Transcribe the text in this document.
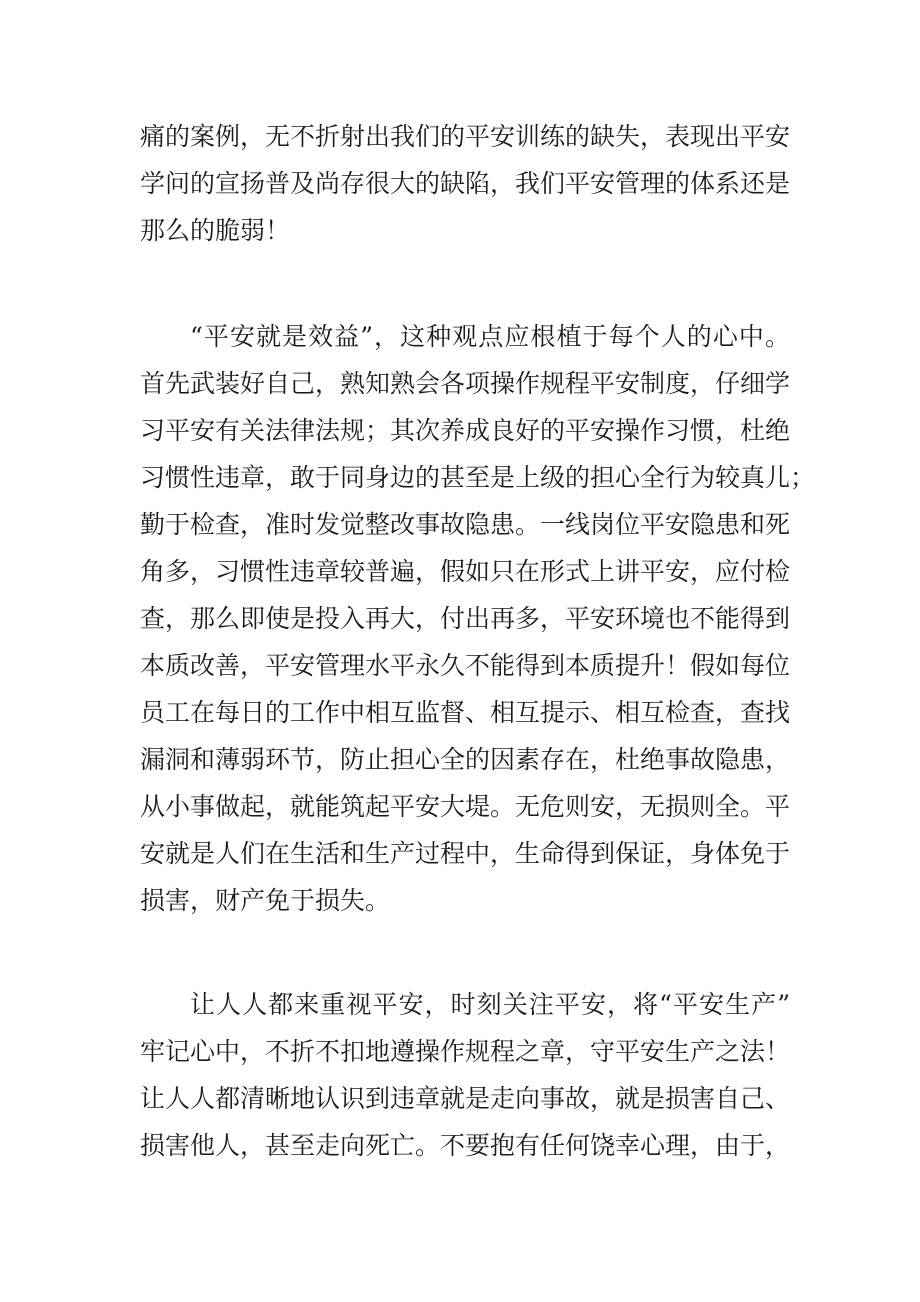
痛的案例，无不折射出我们的平安训练的缺失，表现出平安
学问的宣扬普及尚存很大的缺陷，我们平安管理的体系还是
那么的脆弱！
“平安就是效益”，这种观点应根植于每个人的心中。
首先武装好自己，熟知熟会各项操作规程平安制度，仔细学
习平安有关法律法规；其次养成良好的平安操作习惯，杜绝
习惯性违章，敢于同身边的甚至是上级的担心全行为较真儿；
勤于检查，准时发觉整改事故隐患。一线岗位平安隐患和死
角多，习惯性违章较普遍，假如只在形式上讲平安，应付检
查，那么即使是投入再大，付出再多，平安环境也不能得到
本质改善，平安管理水平永久不能得到本质提升！假如每位
员工在每日的工作中相互监督、相互提示、相互检查，查找
漏洞和薄弱环节，防止担心全的因素存在，杜绝事故隐患，
从小事做起，就能筑起平安大堤。无危则安，无损则全。平
安就是人们在生活和生产过程中，生命得到保证，身体免于
损害，财产免于损失。
让人人都来重视平安，时刻关注平安，将“平安生产”
牢记心中，不折不扣地遵操作规程之章，守平安生产之法！
让人人都清晰地认识到违章就是走向事故，就是损害自己、
损害他人，甚至走向死亡。不要抱有任何饶幸心理，由于，
